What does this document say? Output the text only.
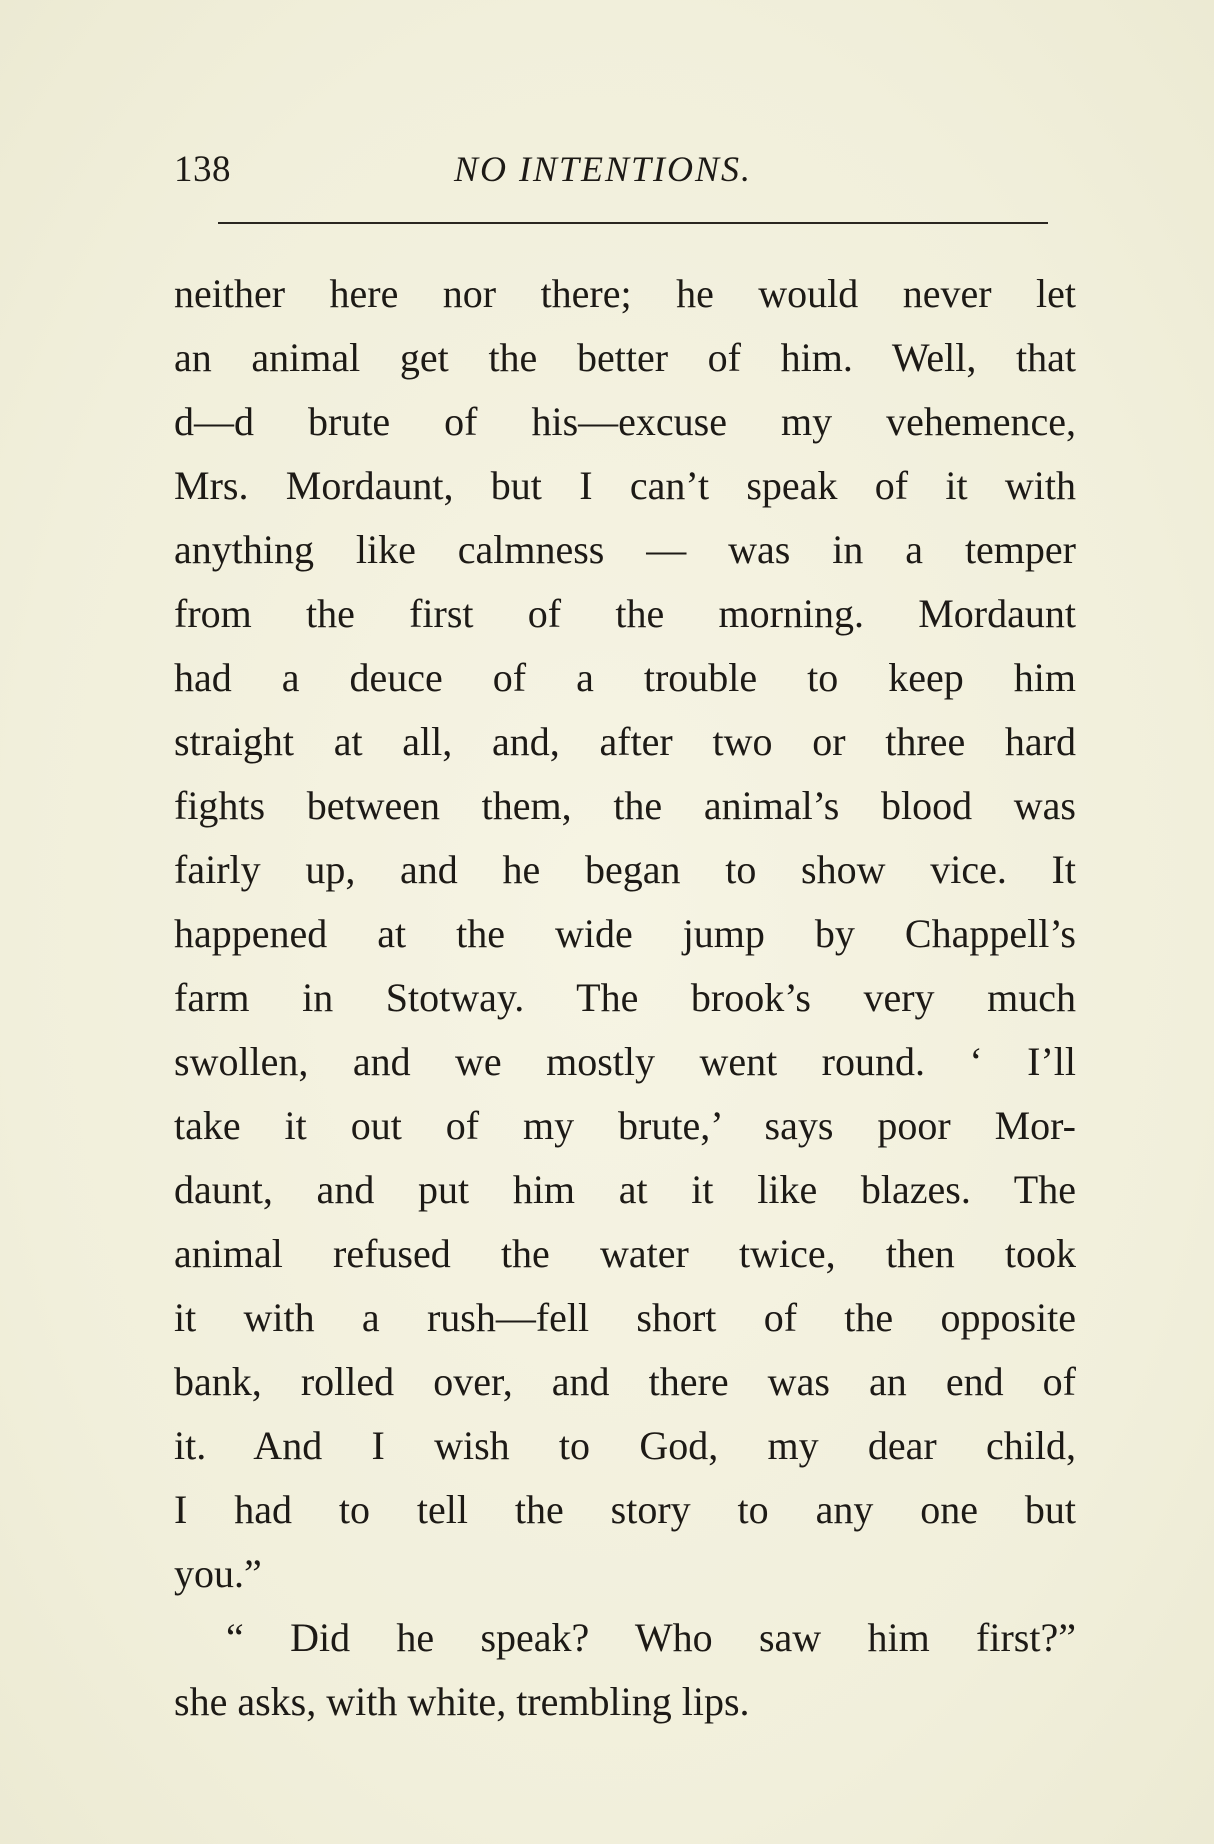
138	NO INTENTIONS.
neither here nor there; he would never let
an animal get the better of him. Well, that
d—d brute of his—excuse my vehemence,
Mrs. Mordaunt, but I can’t speak of it with
anything like calmness — was in a temper
from the first of the morning. Mordaunt
had a deuce of a trouble to keep him
straight at all, and, after two or three hard
fights between them, the animal’s blood was
fairly up, and he began to show vice. It
happened at the wide jump by Chappell’s
farm in Stotway. The brook’s very much
swollen, and we mostly went round. ‘ I’ll
take it out of my brute,’ says poor Mor-
daunt, and put him at it like blazes. The
animal refused the water twice, then took
it with a rush—fell short of the opposite
bank, rolled over, and there was an end of
it. And I wish to God, my dear child,
I had to tell the story to any one but
you.”
“ Did he speak? Who saw him first?”
she asks, with white, trembling lips.
